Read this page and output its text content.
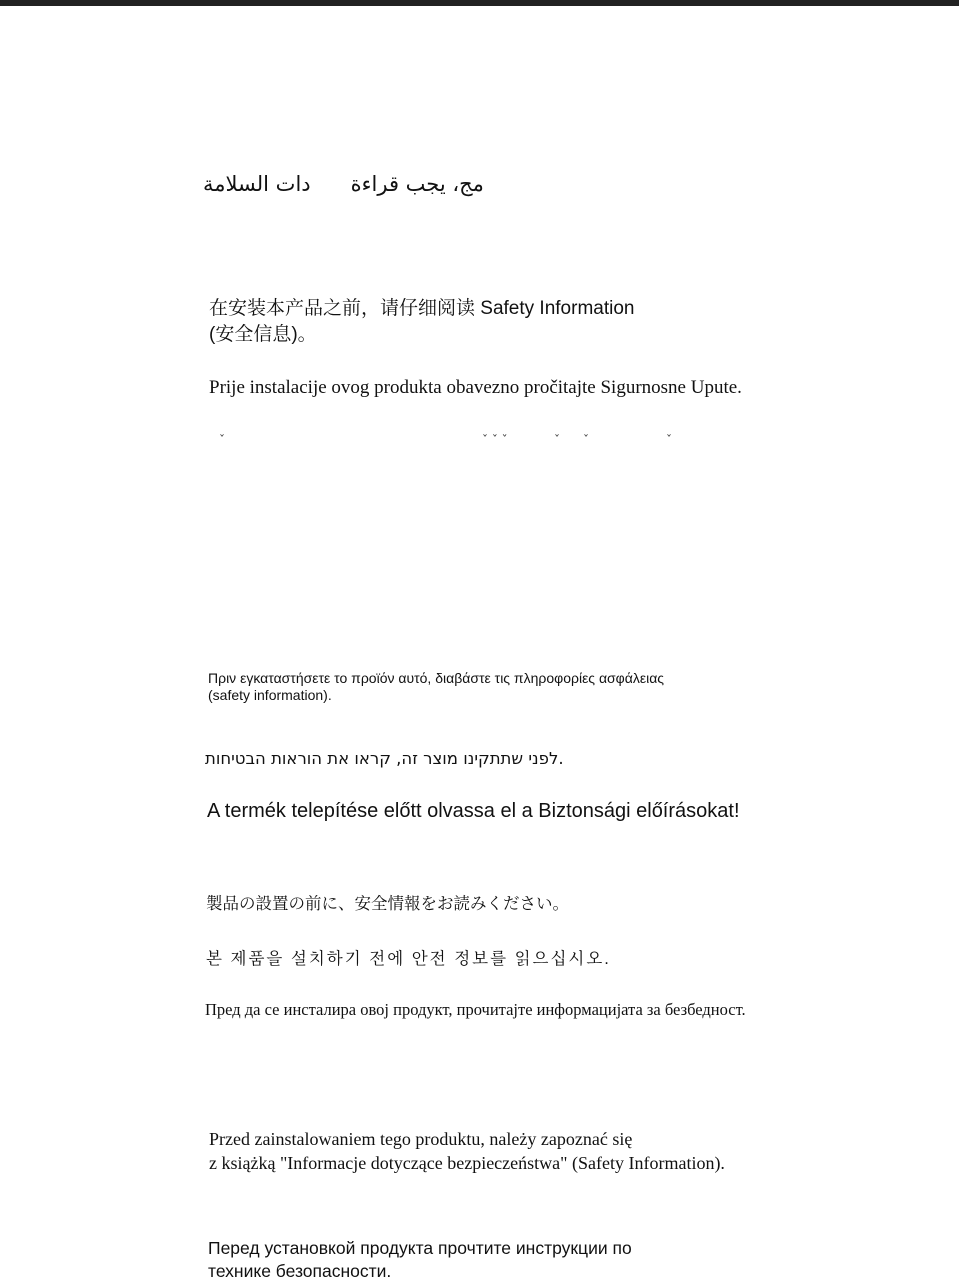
مج، يجب قراءةدات السلامة

在安装本产品之前，请仔细阅读 Safety Information

(安全信息)。

Prije instalacije ovog produkta obavezno pročitajte Sigurnosne Upute.

ˇ	ˇ ˇ ˇ	ˇ ˇ	ˇ

Πριν εγκαταστήσετε το προϊόν αυτό, διαβάστε τις πληροφορίες ασφάλειας

(safety information).

.לפני שתתקינו מוצר זה, קראו את הוראות הבטיחות

A termék telepítése előtt olvassa el a Biztonsági előírásokat!

製品の設置の前に、安全情報をお読みください。

본 제품을 설치하기 전에 안전 정보를 읽으십시오.

Пред да се инсталира овој продукт, прочитајте информацијата за безбедност.

Przed zainstalowaniem tego produktu, należy zapoznać się

z książką "Informacje dotyczące bezpieczeństwa" (Safety Information).

Перед установкой продукта прочтите инструкции по

технике безопасности.
